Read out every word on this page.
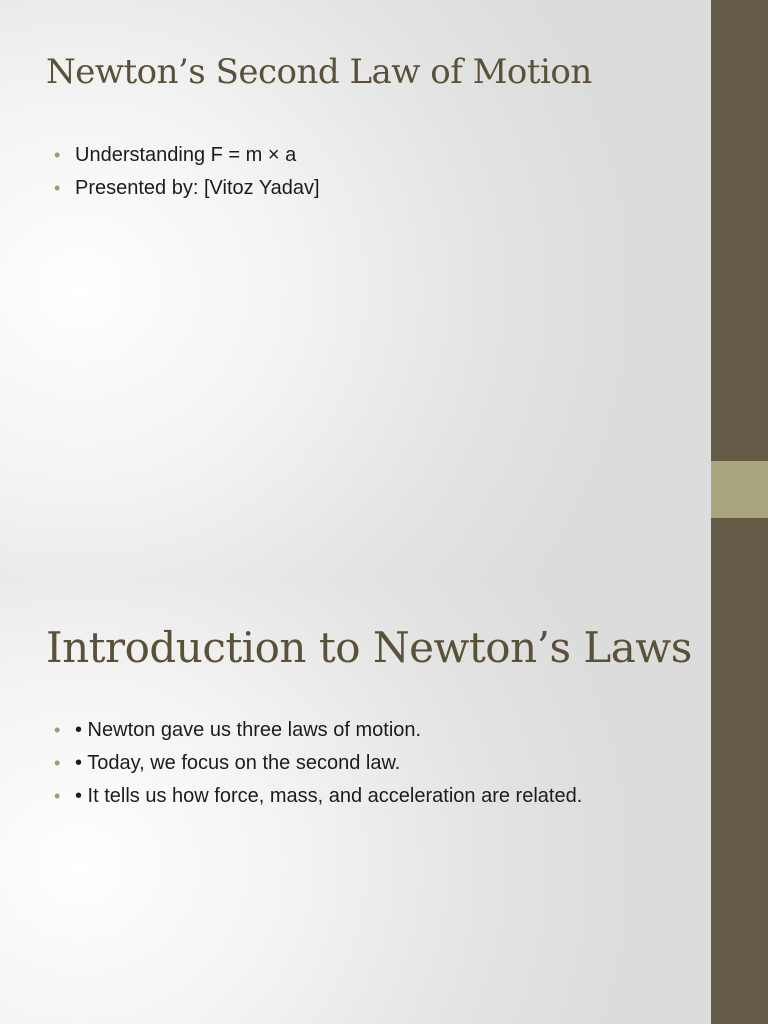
Newton’s Second Law of Motion
• Understanding F = m × a
• Presented by: [Vitoz Yadav]
Introduction to Newton’s Laws
• • Newton gave us three laws of motion.
• • Today, we focus on the second law.
• • It tells us how force, mass, and acceleration are related.
